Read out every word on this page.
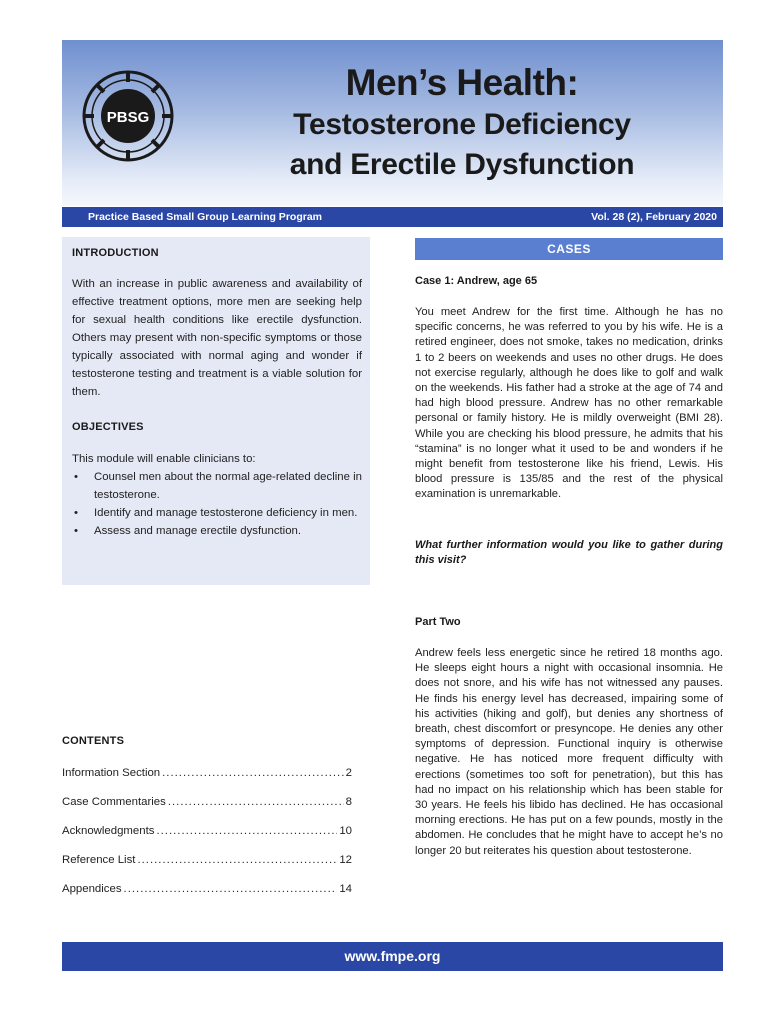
PBSG
Men’s Health:
Testosterone Deficiency
and Erectile Dysfunction
Practice Based Small Group Learning Program	Vol. 28 (2), February 2020
INTRODUCTION
With an increase in public awareness and availability of effective treatment options, more men are seeking help for sexual health conditions like erectile dysfunction. Others may present with non-specific symptoms or those typically associated with normal aging and wonder if testosterone testing and treatment is a viable solution for them.
OBJECTIVES
This module will enable clinicians to:
• Counsel men about the normal age-related decline in testosterone.
• Identify and manage testosterone deficiency in men.
• Assess and manage erectile dysfunction.
CONTENTS
Information Section .....	2
Case Commentaries .....	8
Acknowledgments .....	10
Reference List .....	12
Appendices .....	14
CASES
Case 1: Andrew, age 65
You meet Andrew for the first time. Although he has no specific concerns, he was referred to you by his wife. He is a retired engineer, does not smoke, takes no medication, drinks 1 to 2 beers on weekends and uses no other drugs. He does not exercise regularly, although he does like to golf and walk on the weekends. His father had a stroke at the age of 74 and had high blood pressure. Andrew has no other remarkable personal or family history. He is mildly overweight (BMI 28). While you are checking his blood pressure, he admits that his “stamina” is no longer what it used to be and wonders if he might benefit from testosterone like his friend, Lewis. His blood pressure is 135/85 and the rest of the physical examination is unremarkable.
What further information would you like to gather during this visit?
Part Two
Andrew feels less energetic since he retired 18 months ago. He sleeps eight hours a night with occasional insomnia. He does not snore, and his wife has not witnessed any pauses. He finds his energy level has decreased, impairing some of his activities (hiking and golf), but denies any shortness of breath, chest discomfort or presyncope. He denies any other symptoms of depression. Functional inquiry is otherwise negative. He has noticed more frequent difficulty with erections (sometimes too soft for penetration), but this has had no impact on his relationship which has been stable for 30 years. He feels his libido has declined. He has occasional morning erections. He has put on a few pounds, mostly in the abdomen. He concludes that he might have to accept he’s no longer 20 but reiterates his question about testosterone.
www.fmpe.org
